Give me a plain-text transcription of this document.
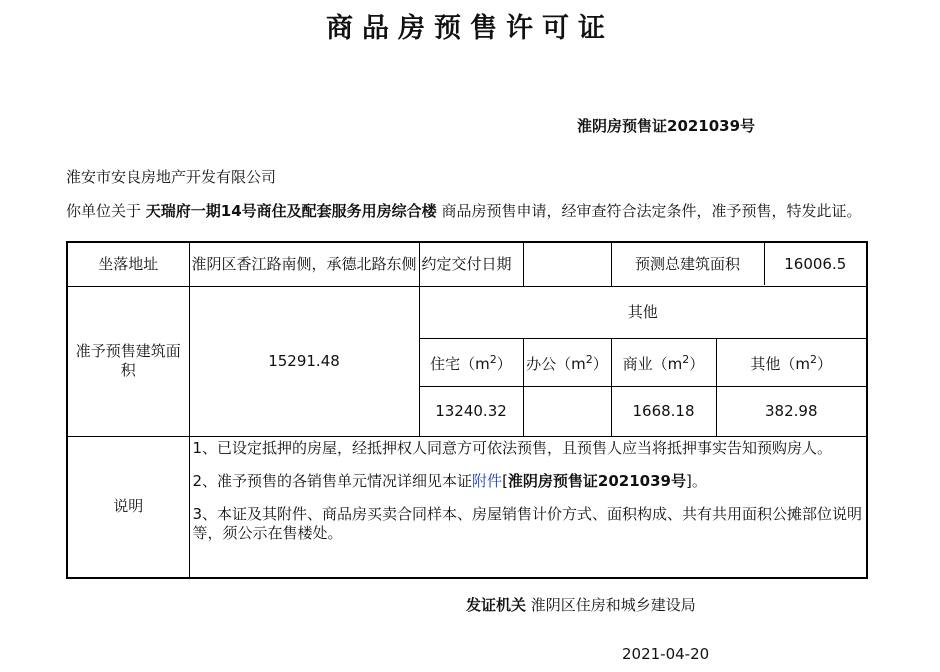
商品房预售许可证
淮阴房预售证2021039号
淮安市安良房地产开发有限公司
你单位关于 天瑞府一期14号商住及配套服务用房综合楼 商品房预售申请，经审查符合法定条件，准予预售，特发此证。
坐落地址	淮阴区香江路南侧，承德北路东侧	约定交付日期		预测总建筑面积 16006.5	

准予预售建筑面积	15291.48	其他			
		住宅$(m^2)$	办公$(m^2)$	商业$(m^2)$	其他$(m^2)$
		13240.32		1668.18	382.98
说明	1、已设定抵押的房屋，经抵押权人同意方可依法预售，且预售人应当将抵押事实告知预购房人。

2、准予预售的各销售单元情况详细见本证附件[淮阴房预售证2021039号]。

3、本证及其附件、商品房买卖合同样本、房屋销售计价方式、面积构成、共有共用面积公摊部位说明等，须公示在售楼处。				

发证机关 淮阴区住房和城乡建设局
2021-04-20
